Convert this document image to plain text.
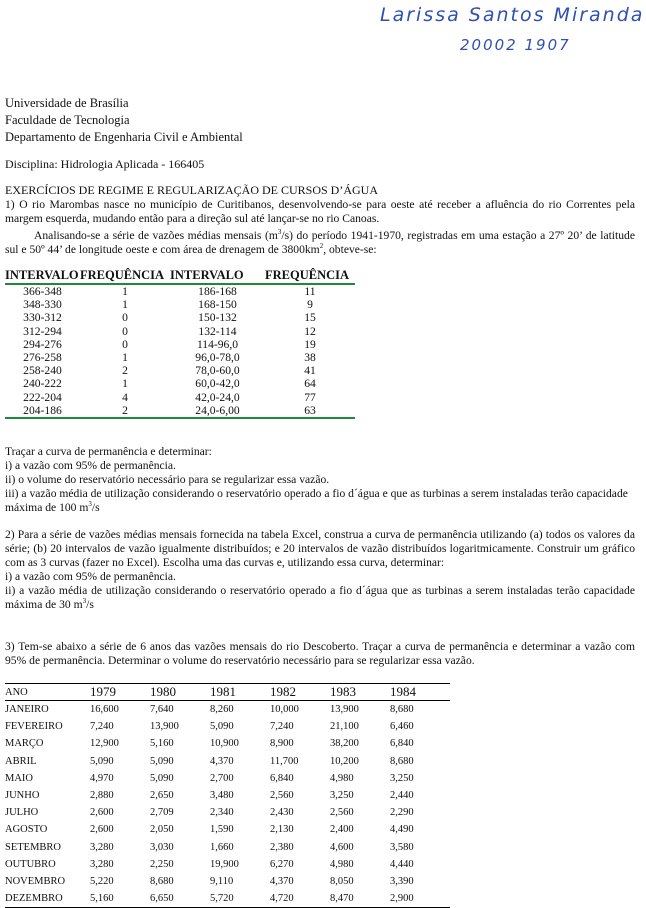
Larissa Santos Miranda
20002 1907
Universidade de Brasília
Faculdade de Tecnologia
Departamento de Engenharia Civil e Ambiental
Disciplina: Hidrologia Aplicada - 166405
EXERCÍCIOS DE REGIME E REGULARIZAÇÃO DE CURSOS D’ÁGUA

1) O rio Marombas nasce no município de Curitibanos, desenvolvendo-se para oeste até receber a afluência do rio Correntes pela margem esquerda, mudando então para a direção sul até lançar-se no rio Canoas.

Analisando-se a série de vazões médias mensais $(m^3/s)$ do período 1941-1970, registradas em uma estação a 27º 20’ de latitude sul e 50º 44’ de longitude oeste e com área de drenagem de $3800km^2$, obteve-se:

INTERVALO	FREQUÊNCIA	INTERVALO	FREQUÊNCIA
366-348	1	186-168	11
348-330	1	168-150	9
330-312	0	150-132	15
312-294	0	132-114	12
294-276	0	114-96,0	19
276-258	1	96,0-78,0	38
258-240	2	78,0-60,0	41
240-222	1	60,0-42,0	64
222-204	4	42,0-24,0	77
204-186	2	24,0-6,00	63
Traçar a curva de permanência e determinar:
i) a vazão com 95% de permanência.
ii) o volume do reservatório necessário para se regularizar essa vazão.
iii) a vazão média de utilização considerando o reservatório operado a fio d´água e que as turbinas a serem instaladas terão capacidade máxima de 100 $m^3/s$
2) Para a série de vazões médias mensais fornecida na tabela Excel, construa a curva de permanência utilizando (a) todos os valores da série; (b) 20 intervalos de vazão igualmente distribuídos; e 20 intervalos de vazão distribuídos logaritmicamente. Construir um gráfico com as 3 curvas (fazer no Excel). Escolha uma das curvas e, utilizando essa curva, determinar:
i) a vazão com 95% de permanência.
ii) a vazão média de utilização considerando o reservatório operado a fio d´água que as turbinas a serem instaladas terão capacidade máxima de 30 $m^3/s$
3) Tem-se abaixo a série de 6 anos das vazões mensais do rio Descoberto. Traçar a curva de permanência e determinar a vazão com 95% de permanência. Determinar o volume do reservatório necessário para se regularizar essa vazão.
ANO	1979	1980	1981	1982	1983	1984
JANEIRO	16,600	7,640	8,260	10,000	13,900	8,680
FEVEREIRO	7,240	13,900	5,090	7,240	21,100	6,460
MARÇO	12,900	5,160	10,900	8,900	38,200	6,840
ABRIL	5,090	5,090	4,370	11,700	10,200	8,680
MAIO	4,970	5,090	2,700	6,840	4,980	3,250
JUNHO	2,880	2,650	3,480	2,560	3,250	2,440
JULHO	2,600	2,709	2,340	2,430	2,560	2,290
AGOSTO	2,600	2,050	1,590	2,130	2,400	4,490
SETEMBRO	3,280	3,030	1,660	2,380	4,600	3,580
OUTUBRO	3,280	2,250	19,900	6,270	4,980	4,440
NOVEMBRO	5,220	8,680	9,110	4,370	8,050	3,390
DEZEMBRO	5,160	6,650	5,720	4,720	8,470	2,900
